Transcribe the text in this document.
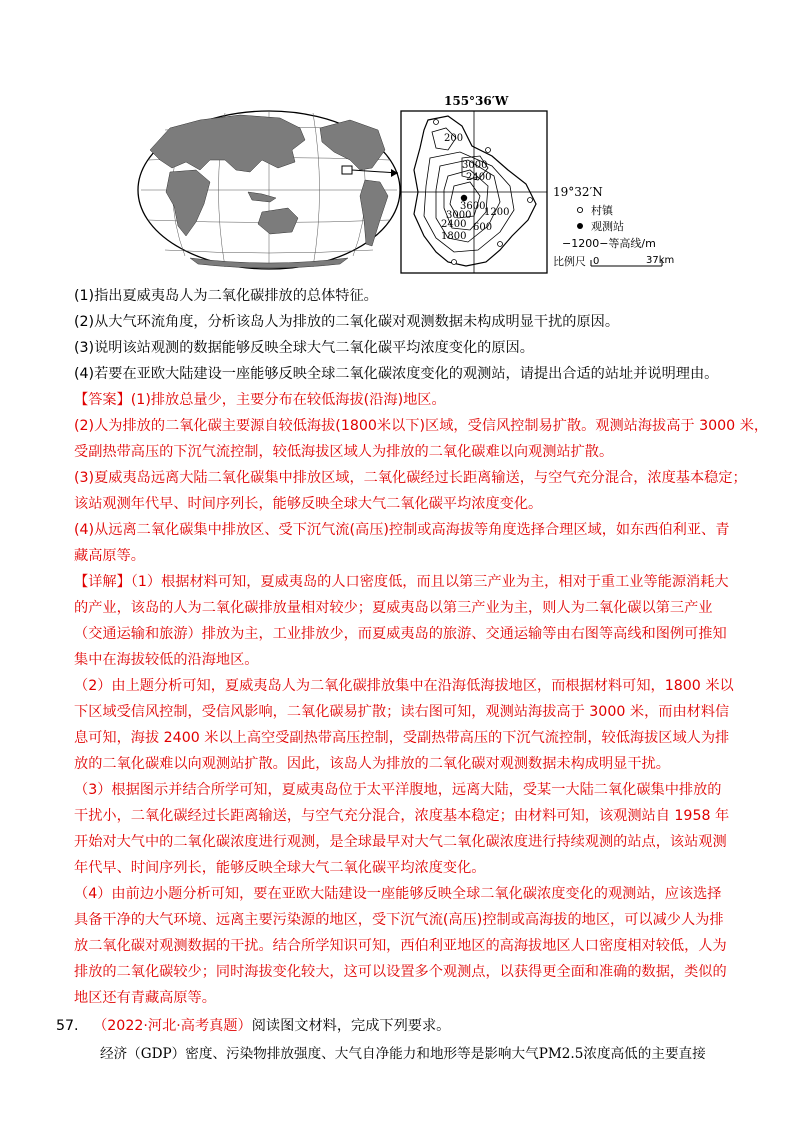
200
3000
2400
3600
3000
2400
1800
1200
600
155°36′W
19°32′N
村镇
观测站
−1200−等高线/m
比例尺 0	37km
(1)指出夏威夷岛人为二氧化碳排放的总体特征。
(2)从大气环流角度，分析该岛人为排放的二氧化碳对观测数据未构成明显干扰的原因。
(3)说明该站观测的数据能够反映全球大气二氧化碳平均浓度变化的原因。
(4)若要在亚欧大陆建设一座能够反映全球二氧化碳浓度变化的观测站，请提出合适的站址并说明理由。
【答案】(1)排放总量少，主要分布在较低海拔(沿海)地区。
(2)人为排放的二氧化碳主要源自较低海拔(1800米以下)区域，受信风控制易扩散。观测站海拔高于 3000 米，
受副热带高压的下沉气流控制，较低海拔区域人为排放的二氧化碳难以向观测站扩散。
(3)夏威夷岛远离大陆二氧化碳集中排放区域，二氧化碳经过长距离输送，与空气充分混合，浓度基本稳定；
该站观测年代早、时间序列长，能够反映全球大气二氧化碳平均浓度变化。
(4)从远离二氧化碳集中排放区、受下沉气流(高压)控制或高海拔等角度选择合理区域，如东西伯利亚、青
藏高原等。
【详解】（1）根据材料可知，夏威夷岛的人口密度低，而且以第三产业为主，相对于重工业等能源消耗大
的产业，该岛的人为二氧化碳排放量相对较少；夏威夷岛以第三产业为主，则人为二氧化碳以第三产业
（交通运输和旅游）排放为主，工业排放少，而夏威夷岛的旅游、交通运输等由右图等高线和图例可推知
集中在海拔较低的沿海地区。
（2）由上题分析可知，夏威夷岛人为二氧化碳排放集中在沿海低海拔地区，而根据材料可知，1800 米以
下区域受信风控制，受信风影响，二氧化碳易扩散；读右图可知，观测站海拔高于 3000 米，而由材料信
息可知，海拔 2400 米以上高空受副热带高压控制，受副热带高压的下沉气流控制，较低海拔区域人为排
放的二氧化碳难以向观测站扩散。因此，该岛人为排放的二氧化碳对观测数据未构成明显干扰。
（3）根据图示并结合所学可知，夏威夷岛位于太平洋腹地，远离大陆，受某一大陆二氧化碳集中排放的
干扰小，二氧化碳经过长距离输送，与空气充分混合，浓度基本稳定；由材料可知，该观测站自 1958 年
开始对大气中的二氧化碳浓度进行观测，是全球最早对大气二氧化碳浓度进行持续观测的站点，该站观测
年代早、时间序列长，能够反映全球大气二氧化碳平均浓度变化。
（4）由前边小题分析可知，要在亚欧大陆建设一座能够反映全球二氧化碳浓度变化的观测站，应该选择
具备干净的大气环境、远离主要污染源的地区，受下沉气流(高压)控制或高海拔的地区，可以减少人为排
放二氧化碳对观测数据的干扰。结合所学知识可知，西伯利亚地区的高海拔地区人口密度相对较低，人为
排放的二氧化碳较少；同时海拔变化较大，这可以设置多个观测点，以获得更全面和准确的数据，类似的
地区还有青藏高原等。
57. （2022·河北·高考真题）阅读图文材料，完成下列要求。
经济（GDP）密度、污染物排放强度、大气自净能力和地形等是影响大气PM2.5浓度高低的主要直接
